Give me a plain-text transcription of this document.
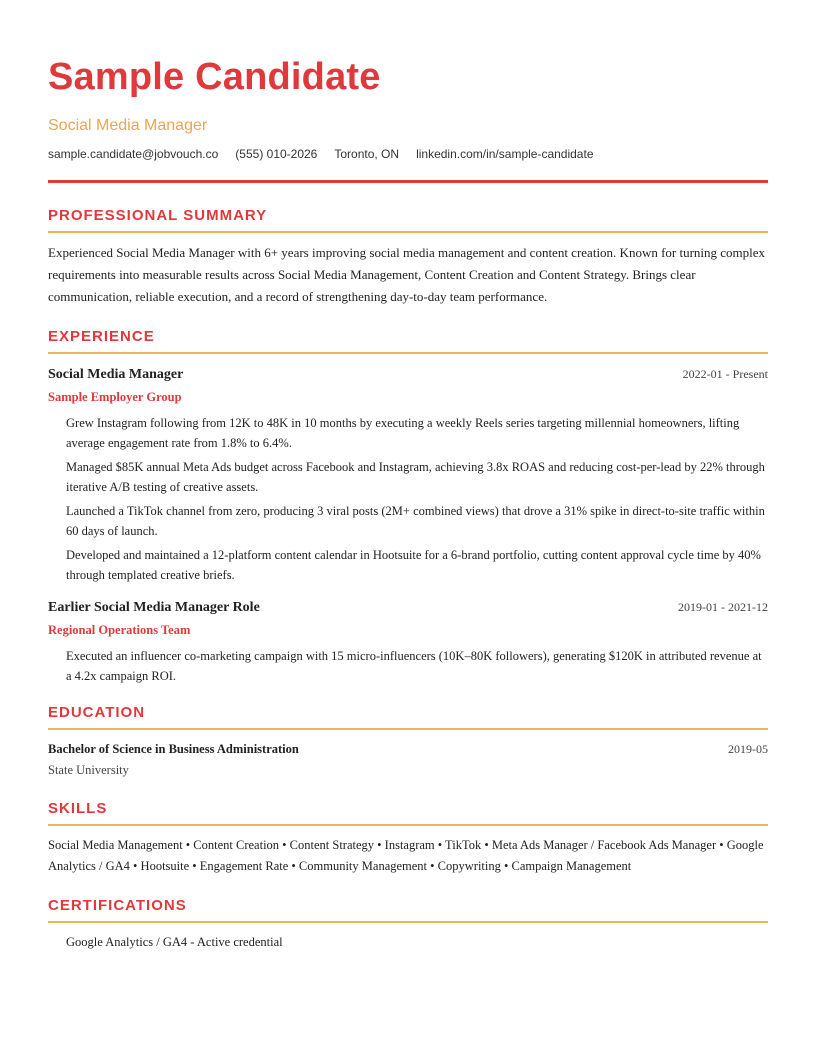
Sample Candidate
Social Media Manager
sample.candidate@jobvouch.co (555) 010-2026 Toronto, ON linkedin.com/in/sample-candidate
PROFESSIONAL SUMMARY
Experienced Social Media Manager with 6+ years improving social media management and content creation. Known for turning complex requirements into measurable results across Social Media Management, Content Creation and Content Strategy. Brings clear communication, reliable execution, and a record of strengthening day-to-day team performance.
EXPERIENCE
Social Media Manager	2022-01 - Present
Sample Employer Group
Grew Instagram following from 12K to 48K in 10 months by executing a weekly Reels series targeting millennial homeowners, lifting average engagement rate from 1.8% to 6.4%.
Managed $85K annual Meta Ads budget across Facebook and Instagram, achieving 3.8x ROAS and reducing cost-per-lead by 22% through iterative A/B testing of creative assets.
Launched a TikTok channel from zero, producing 3 viral posts (2M+ combined views) that drove a 31% spike in direct-to-site traffic within 60 days of launch.
Developed and maintained a 12-platform content calendar in Hootsuite for a 6-brand portfolio, cutting content approval cycle time by 40% through templated creative briefs.
Earlier Social Media Manager Role	2019-01 - 2021-12
Regional Operations Team
Executed an influencer co-marketing campaign with 15 micro-influencers (10K–80K followers), generating $120K in attributed revenue at a 4.2x campaign ROI.
EDUCATION
Bachelor of Science in Business Administration	2019-05
State University
SKILLS
Social Media Management • Content Creation • Content Strategy • Instagram • TikTok • Meta Ads Manager / Facebook Ads Manager • Google Analytics / GA4 • Hootsuite • Engagement Rate • Community Management • Copywriting • Campaign Management
CERTIFICATIONS
Google Analytics / GA4 - Active credential
